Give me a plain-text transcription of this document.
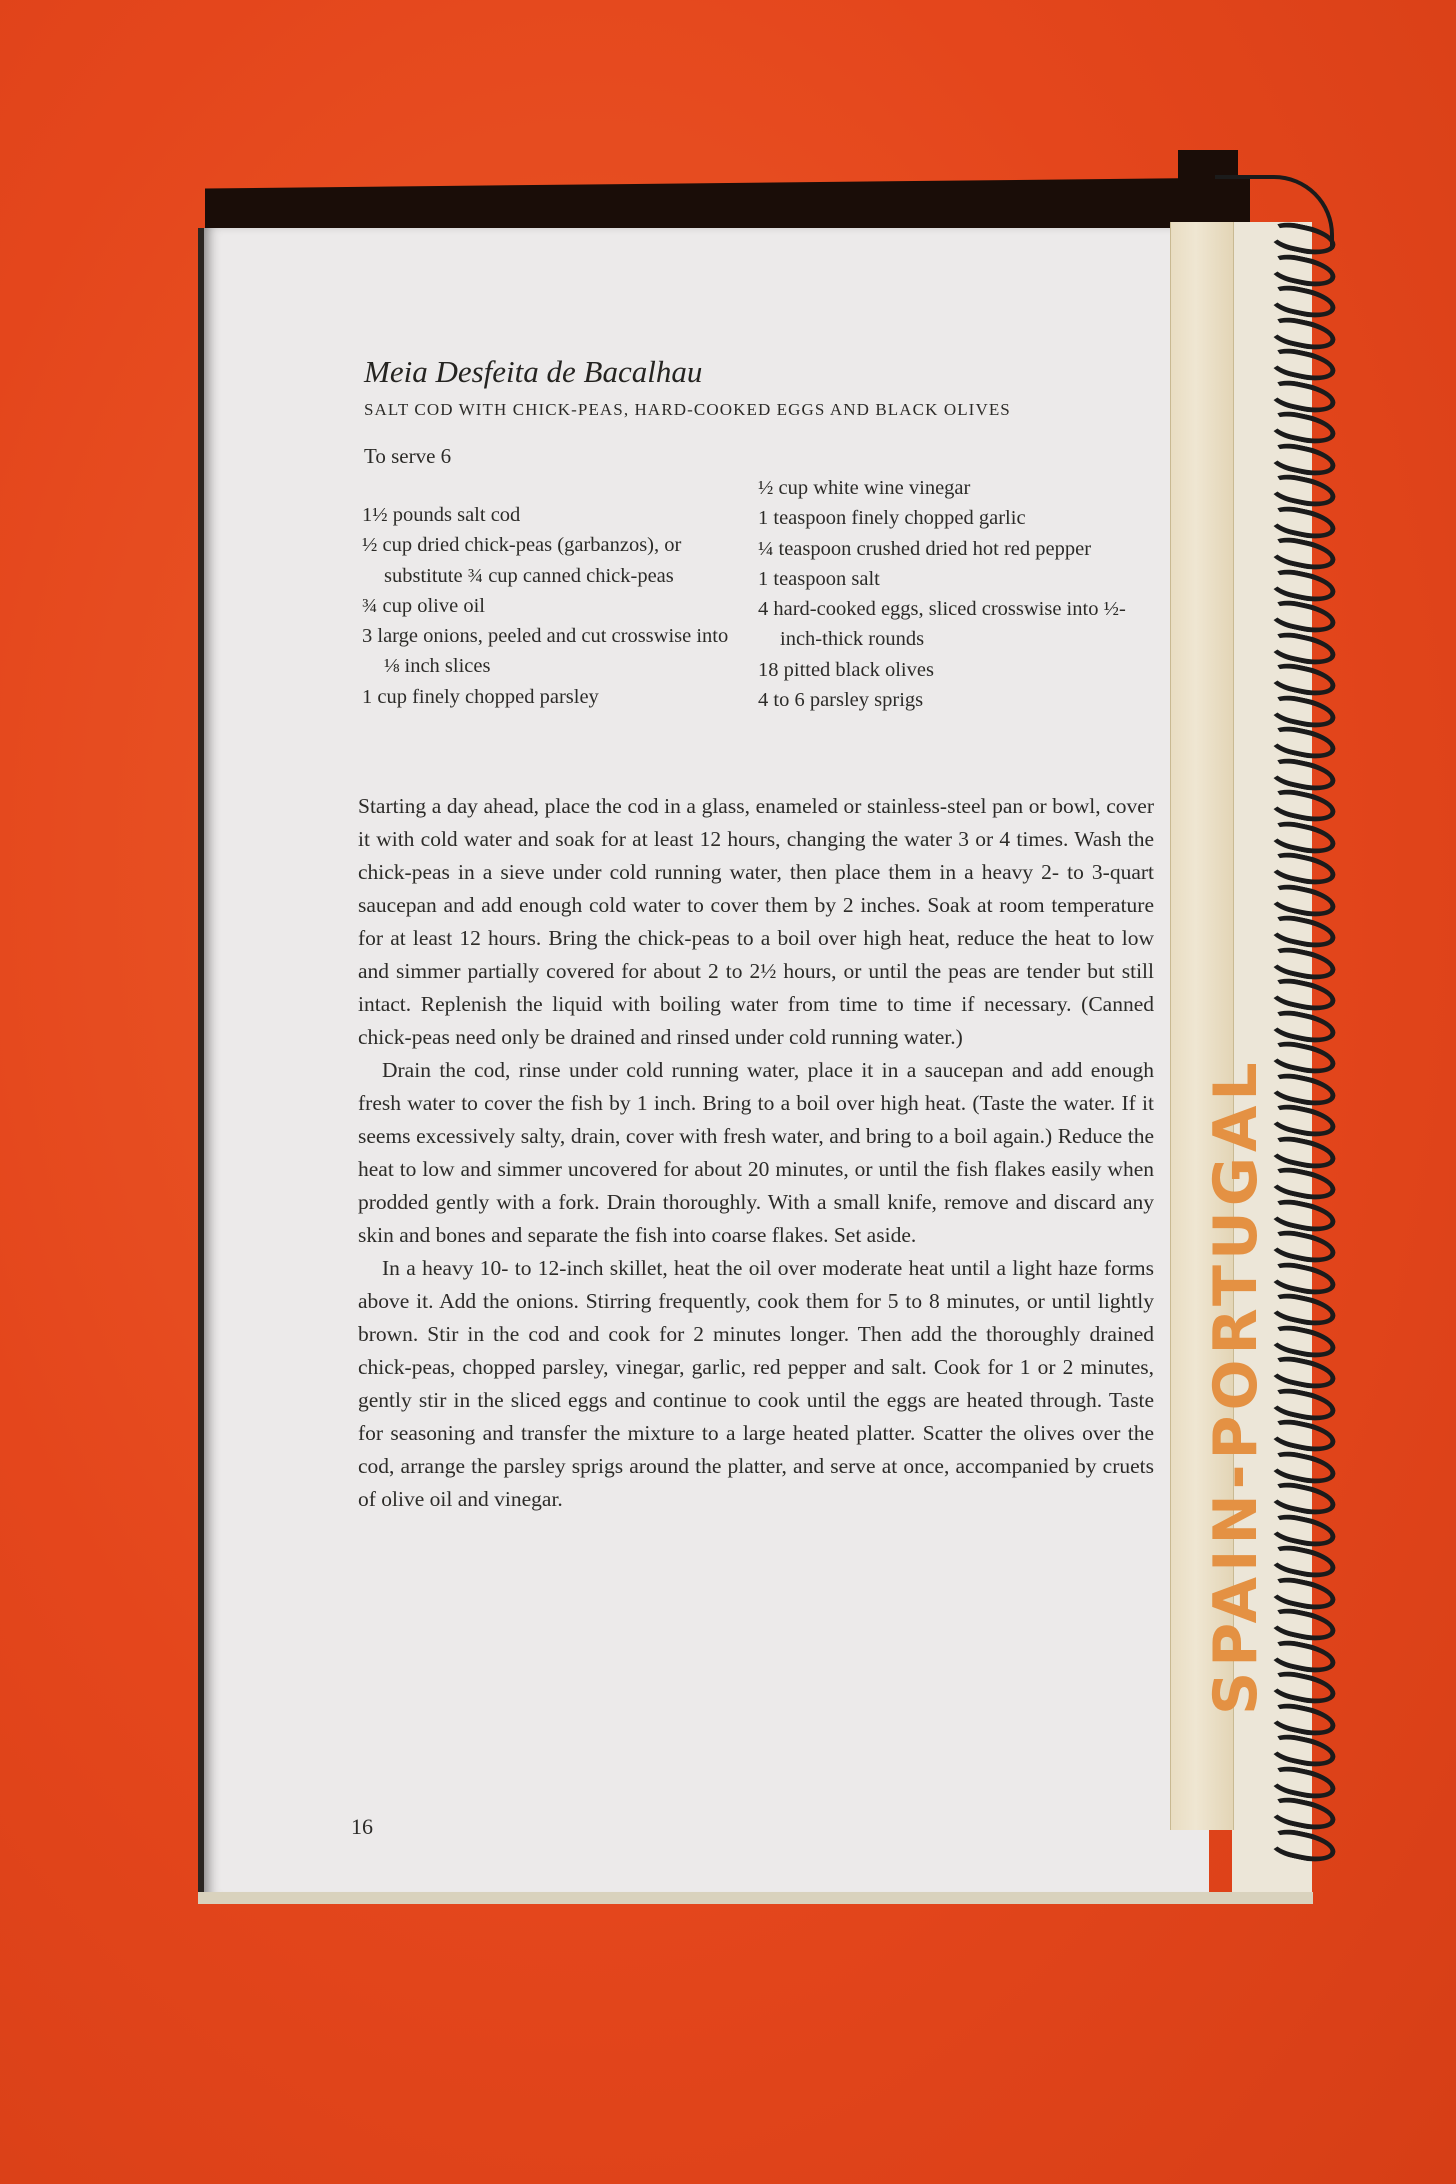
SPAIN-PORTUGAL
Meia Desfeita de Bacalhau
SALT COD WITH CHICK-PEAS, HARD-COOKED EGGS AND BLACK OLIVES
To serve 6
1½ pounds salt cod
½ cup dried chick-peas (garbanzos), or substitute ¾ cup canned chick-peas
¾ cup olive oil
3 large onions, peeled and cut crosswise into ⅛ inch slices
1 cup finely chopped parsley
½ cup white wine vinegar
1 teaspoon finely chopped garlic
¼ teaspoon crushed dried hot red pepper
1 teaspoon salt
4 hard-cooked eggs, sliced crosswise into ½-inch-thick rounds
18 pitted black olives
4 to 6 parsley sprigs

Starting a day ahead, place the cod in a glass, enameled or stainless-steel pan or bowl, cover it with cold water and soak for at least 12 hours, changing the water 3 or 4 times. Wash the chick-peas in a sieve under cold running water, then place them in a heavy 2- to 3-quart saucepan and add enough cold water to cover them by 2 inches. Soak at room temperature for at least 12 hours. Bring the chick-peas to a boil over high heat, reduce the heat to low and simmer partially covered for about 2 to 2½ hours, or until the peas are tender but still intact. Replenish the liquid with boiling water from time to time if necessary. (Canned chick-peas need only be drained and rinsed under cold running water.)

Drain the cod, rinse under cold running water, place it in a saucepan and add enough fresh water to cover the fish by 1 inch. Bring to a boil over high heat. (Taste the water. If it seems excessively salty, drain, cover with fresh water, and bring to a boil again.) Reduce the heat to low and simmer uncovered for about 20 minutes, or until the fish flakes easily when prodded gently with a fork. Drain thoroughly. With a small knife, remove and discard any skin and bones and separate the fish into coarse flakes. Set aside.

In a heavy 10- to 12-inch skillet, heat the oil over moderate heat until a light haze forms above it. Add the onions. Stirring frequently, cook them for 5 to 8 minutes, or until lightly brown. Stir in the cod and cook for 2 minutes longer. Then add the thoroughly drained chick-peas, chopped parsley, vinegar, garlic, red pepper and salt. Cook for 1 or 2 minutes, gently stir in the sliced eggs and continue to cook until the eggs are heated through. Taste for seasoning and transfer the mixture to a large heated platter. Scatter the olives over the cod, arrange the parsley sprigs around the platter, and serve at once, accompanied by cruets of olive oil and vinegar.

16
